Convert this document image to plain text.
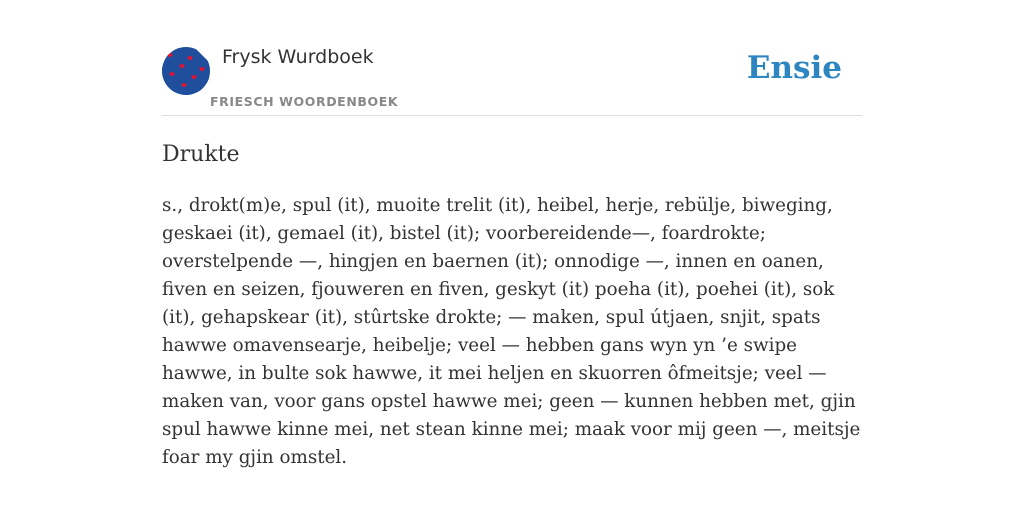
Frysk Wurdboek
FRIESCH WOORDENBOEK
Ensie
Drukte

s., drokt(m)e, spul (it), muoite trelit (it), heibel, herje, rebülje, biweging, geskaei (it), gemael (it), bistel (it); voorbereidende—, foardrokte; overstelpende —, hingjen en baernen (it); onnodige —, innen en oanen, fiven en seizen, fjouweren en fiven, geskyt (it) poeha (it), poehei (it), sok (it), gehapskear (it), stûrtske drokte; — maken, spul útjaen, snjit, spats hawwe omavensearje, heibelje; veel — hebben gans wyn yn ’e swipe hawwe, in bulte sok hawwe, it mei heljen en skuorren ôfmeitsje; veel — maken van, voor gans opstel hawwe mei; geen — kunnen hebben met, gjin spul hawwe kinne mei, net stean kinne mei; maak voor mij geen —, meitsje foar my gjin omstel.
